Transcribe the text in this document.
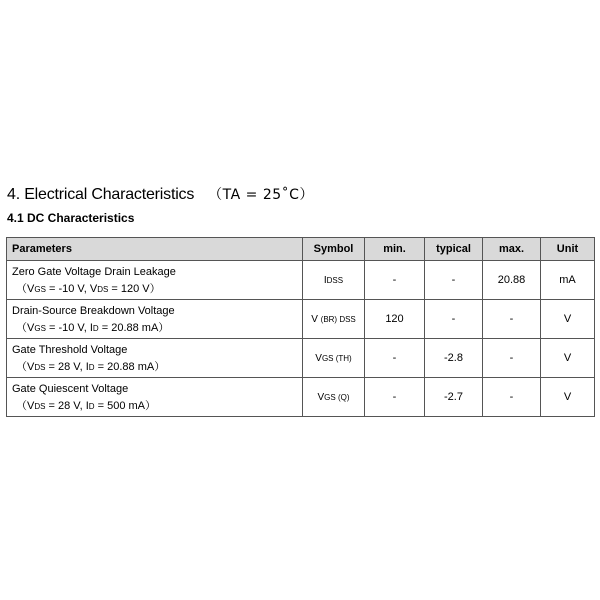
4. Electrical Characteristics （TA = 25˚C）
4.1 DC Characteristics
Parameters	Symbol	min.	typical	max.	Unit

Zero Gate Voltage Drain Leakage
（VGS = -10 V, VDS = 120 V）	IDSS	-	-	20.88	mA

Drain-Source Breakdown Voltage
（VGS = -10 V, ID = 20.88 mA）	V (BR) DSS	120	-	-	V

Gate Threshold Voltage
（VDS = 28 V, ID = 20.88 mA）	VGS (TH)	-	-2.8	-	V

Gate Quiescent Voltage
（VDS = 28 V, ID = 500 mA）	VGS (Q)	-	-2.7	-	V
